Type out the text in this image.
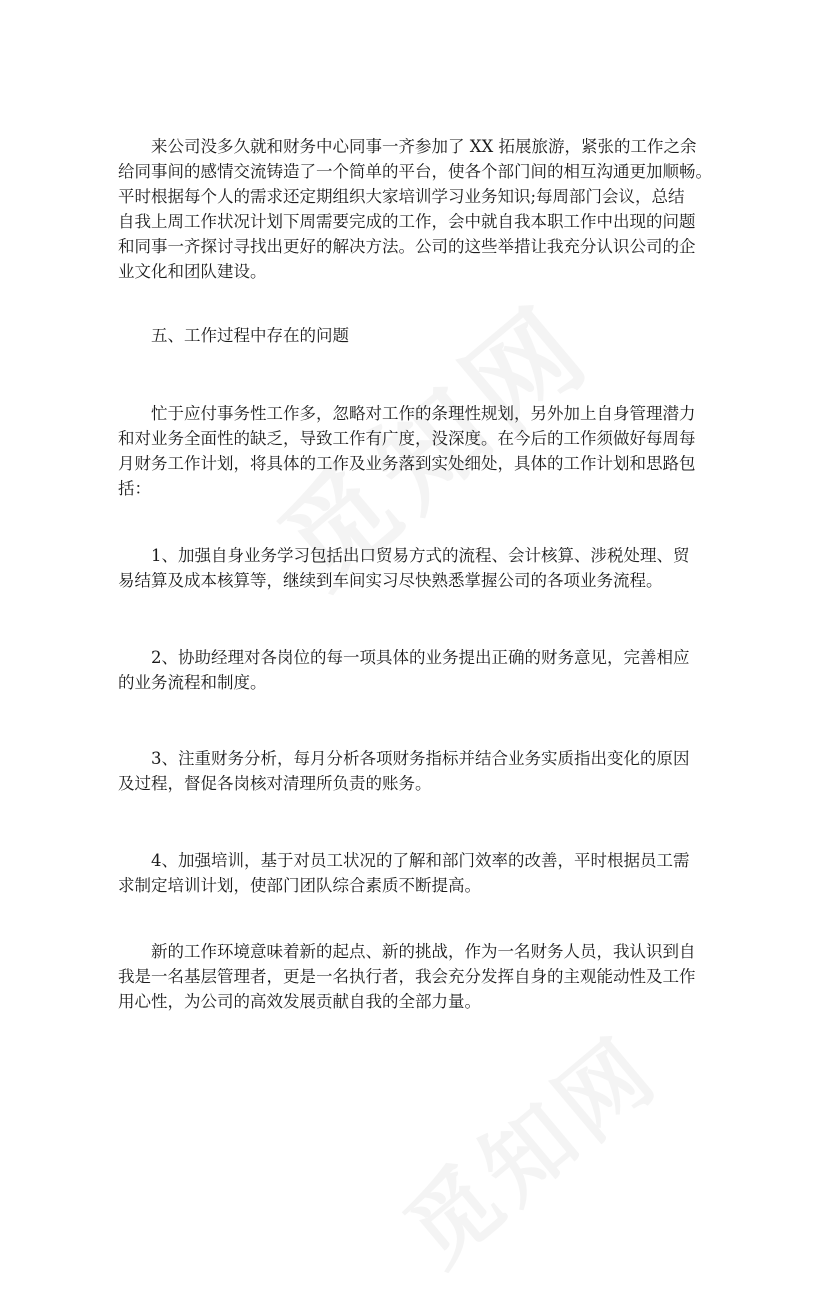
来公司没多久就和财务中心同事一齐参加了 XX 拓展旅游，紧张的工作之余
给同事间的感情交流铸造了一个简单的平台，使各个部门间的相互沟通更加顺畅。
平时根据每个人的需求还定期组织大家培训学习业务知识;每周部门会议，总结
自我上周工作状况计划下周需要完成的工作，会中就自我本职工作中出现的问题
和同事一齐探讨寻找出更好的解决方法。公司的这些举措让我充分认识公司的企
业文化和团队建设。

五、工作过程中存在的问题

忙于应付事务性工作多，忽略对工作的条理性规划，另外加上自身管理潜力
和对业务全面性的缺乏，导致工作有广度，没深度。在今后的工作须做好每周每
月财务工作计划，将具体的工作及业务落到实处细处，具体的工作计划和思路包
括：

1、加强自身业务学习包括出口贸易方式的流程、会计核算、涉税处理、贸
易结算及成本核算等，继续到车间实习尽快熟悉掌握公司的各项业务流程。

2、协助经理对各岗位的每一项具体的业务提出正确的财务意见，完善相应
的业务流程和制度。

3、注重财务分析，每月分析各项财务指标并结合业务实质指出变化的原因
及过程，督促各岗核对清理所负责的账务。

4、加强培训，基于对员工状况的了解和部门效率的改善，平时根据员工需
求制定培训计划，使部门团队综合素质不断提高。

新的工作环境意味着新的起点、新的挑战，作为一名财务人员，我认识到自
我是一名基层管理者，更是一名执行者，我会充分发挥自身的主观能动性及工作
用心性，为公司的高效发展贡献自我的全部力量。
